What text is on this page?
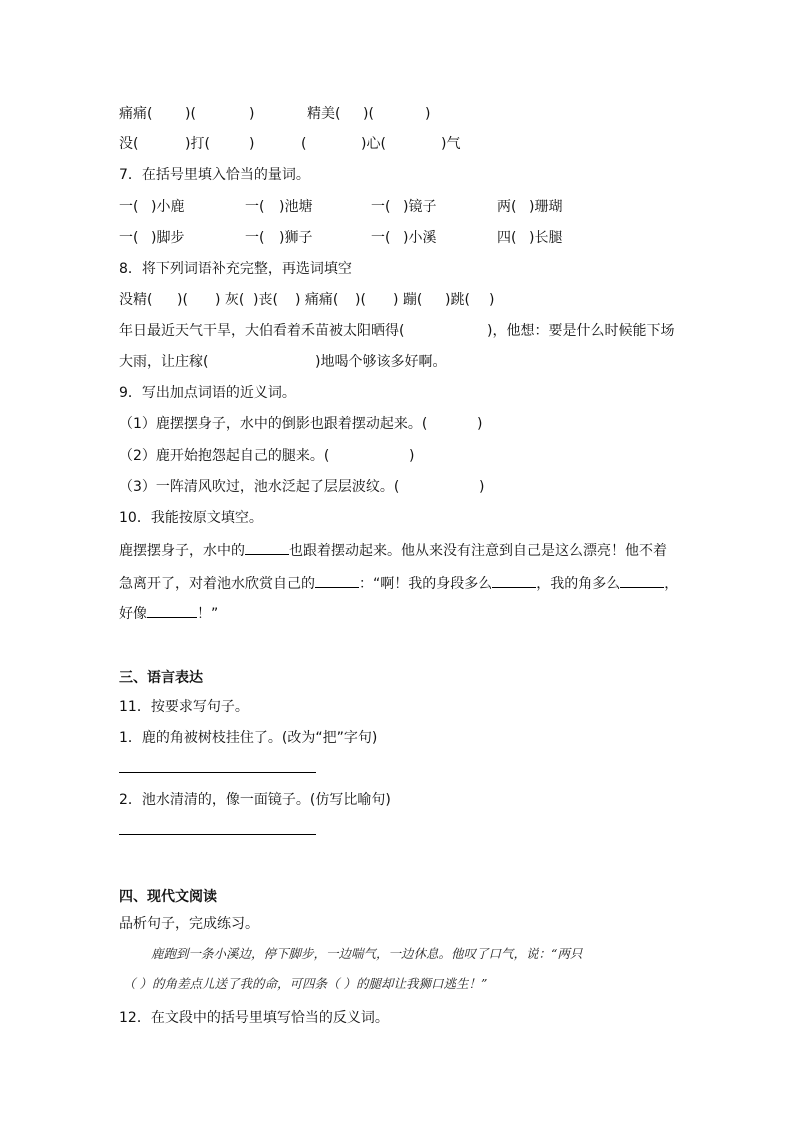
痛痛( )(	)	精美( )(	)
没(	)打(	)	(	)心(	)气
7．在括号里填入恰当的量词。
一( )小鹿	一( )池塘	一( )镜子	两( )珊瑚
一( )脚步	一( )狮子	一( )小溪	四( )长腿
8．将下列词语补充完整，再选词填空
没精( )( ) 灰( )丧( ) 痛痛( )( ) 蹦( )跳( )
年日最近天气干旱，大伯看着禾苗被太阳晒得(	)，他想：要是什么时候能下场
大雨，让庄稼(	)地喝个够该多好啊。
9．写出加点词语的近义词。
（1）鹿摆摆身子，水中的倒影也跟着摆动起来。(	)
（2）鹿开始抱怨起自己的腿来。(	)
（3）一阵清风吹过，池水泛起了层层波纹。(	)
10．我能按原文填空。
鹿摆摆身子，水中的	也跟着摆动起来。他从来没有注意到自己是这么漂亮！他不着
急离开了，对着池水欣赏自己的	：“啊！我的身段多么	，我的角多么	，
好像	！”
三、语言表达
11．按要求写句子。
1．鹿的角被树枝挂住了。(改为“把”字句)
2．池水清清的，像一面镜子。(仿写比喻句)
四、现代文阅读
品析句子，完成练习。
鹿跑到一条小溪边，停下脚步，一边喘气，一边休息。他叹了口气，说：“两只
（ ）的角差点儿送了我的命，可四条（ ）的腿却让我狮口逃生！”
12．在文段中的括号里填写恰当的反义词。
